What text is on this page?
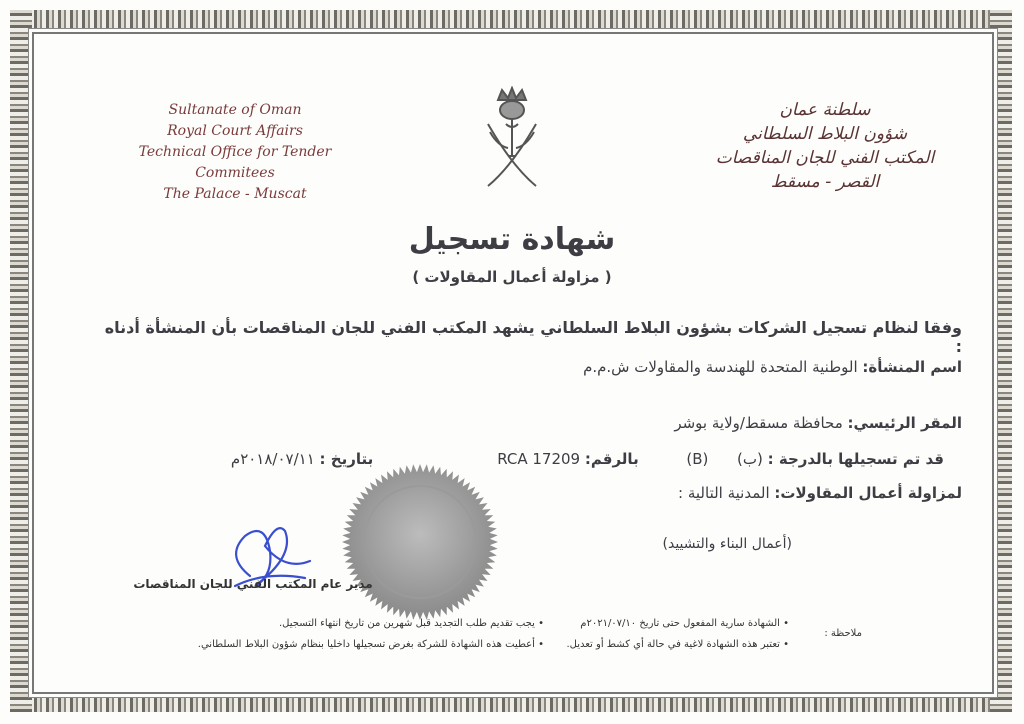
Sultanate of Oman
Royal Court Affairs
Technical Office for Tender Commitees
The Palace - Muscat
سلطنة عمان
شؤون البلاط السلطاني
المكتب الفني للجان المناقصات
القصر - مسقط
شهادة تسجيل
( مزاولة أعمال المقاولات )
وفقا لنظام تسجيل الشركات بشؤون البلاط السلطاني يشهد المكتب الفني للجان المناقصات بأن المنشأة أدناه :
اسم المنشأة: الوطنية المتحدة للهندسة والمقاولات ش.م.م
المقر الرئيسي: محافظة مسقط/ولاية بوشر
قد تم تسجيلها بالدرجة : (ب)      (B)          بالرقم: RCA 17209                          بتاريخ : ٢٠١٨/٠٧/١١م
لمزاولة أعمال المقاولات: المدنية التالية :
(أعمال البناء والتشييد)
مدير عام المكتب الفني للجان المناقصات
ملاحظة :
• الشهادة سارية المفعول حتى تاريخ ٢٠٢١/٠٧/١٠م
• تعتبر هذه الشهادة لاغية في حالة أي كشط أو تعديل.
• يجب تقديم طلب التجديد قبل شهرين من تاريخ انتهاء التسجيل.
• أعطيت هذه الشهادة للشركة بغرض تسجيلها داخليا بنظام شؤون البلاط السلطاني.
